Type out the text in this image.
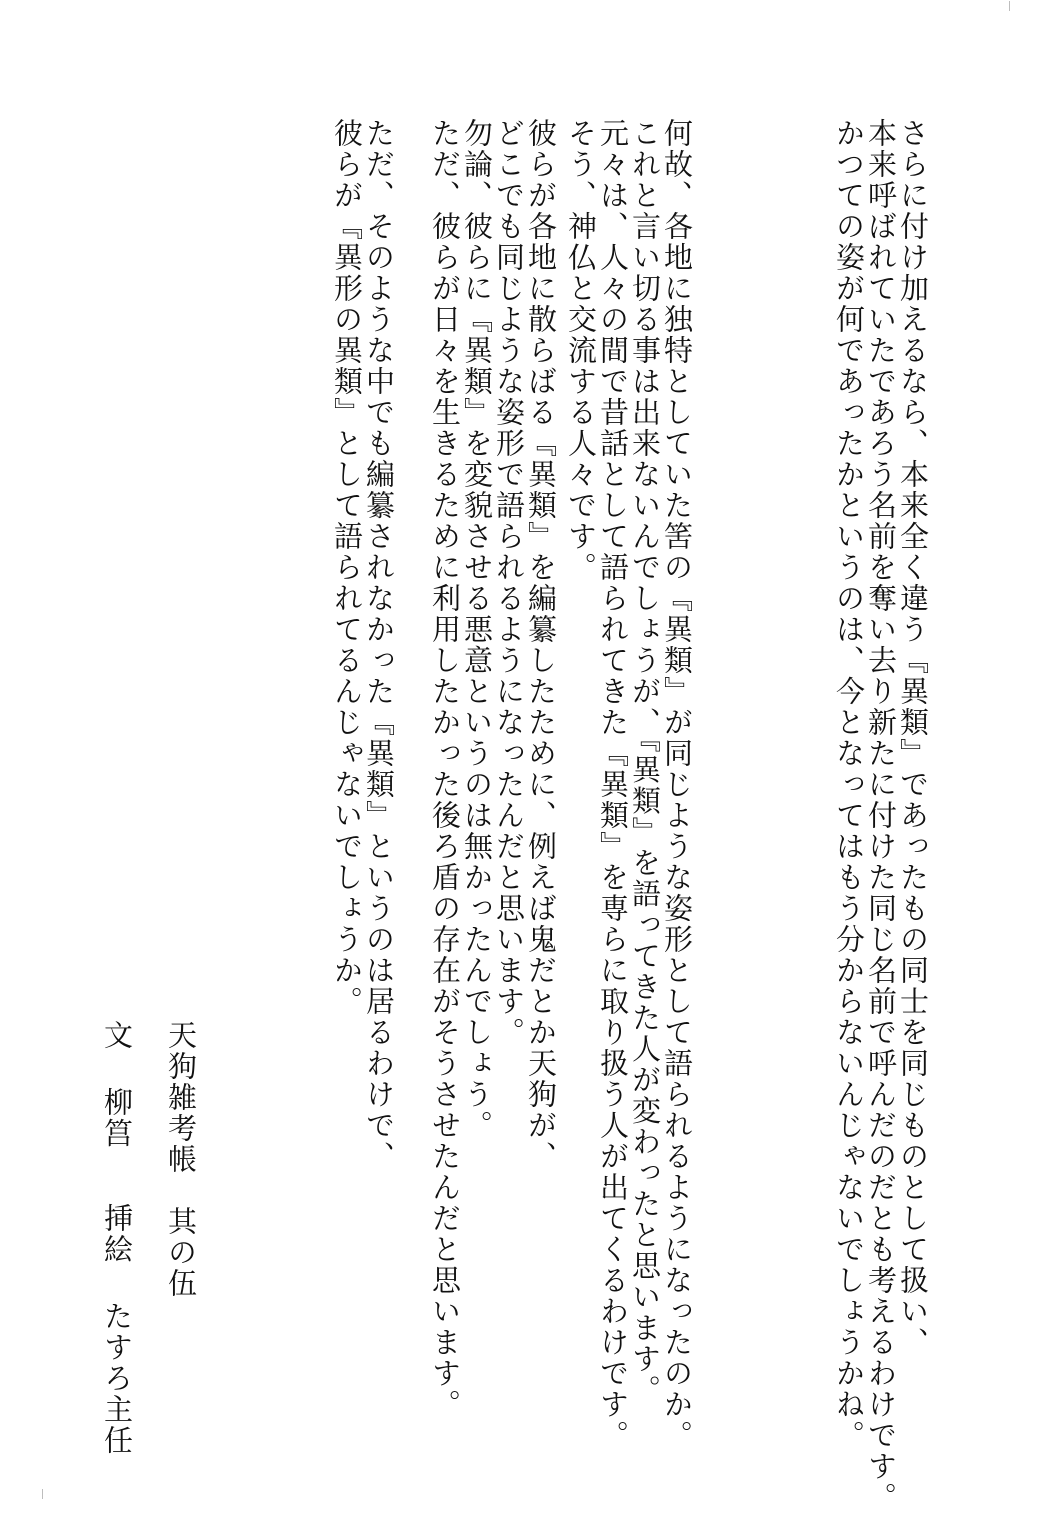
さらに付け加えるなら、本来全く違う『異類』であったもの同士を同じものとして扱い、

本来呼ばれていたであろう名前を奪い去り新たに付けた同じ名前で呼んだのだとも考えるわけです。

かつての姿が何であったかというのは、今となってはもう分からないんじゃないでしょうかね。

何故、各地に独特としていた筈の『異類』が同じような姿形として語られるようになったのか。

これと言い切る事は出来ないんでしょうが、『異類』を語ってきた人が変わったと思います。

元々は、人々の間で昔話として語られてきた『異類』を専らに取り扱う人が出てくるわけです。

そう、神仏と交流する人々です。

彼らが各地に散らばる『異類』を編纂したために、例えば鬼だとか天狗が、

どこでも同じような姿形で語られるようになったんだと思います。

勿論、彼らに『異類』を変貌させる悪意というのは無かったんでしょう。

ただ、彼らが日々を生きるために利用したかった後ろ盾の存在がそうさせたんだと思います。

ただ、そのような中でも編纂されなかった『異類』というのは居るわけで、

彼らが『異形の異類』として語られてるんじゃないでしょうか。

天狗雑考帳　其の伍

文 柳筥

挿絵 たすろ主任
